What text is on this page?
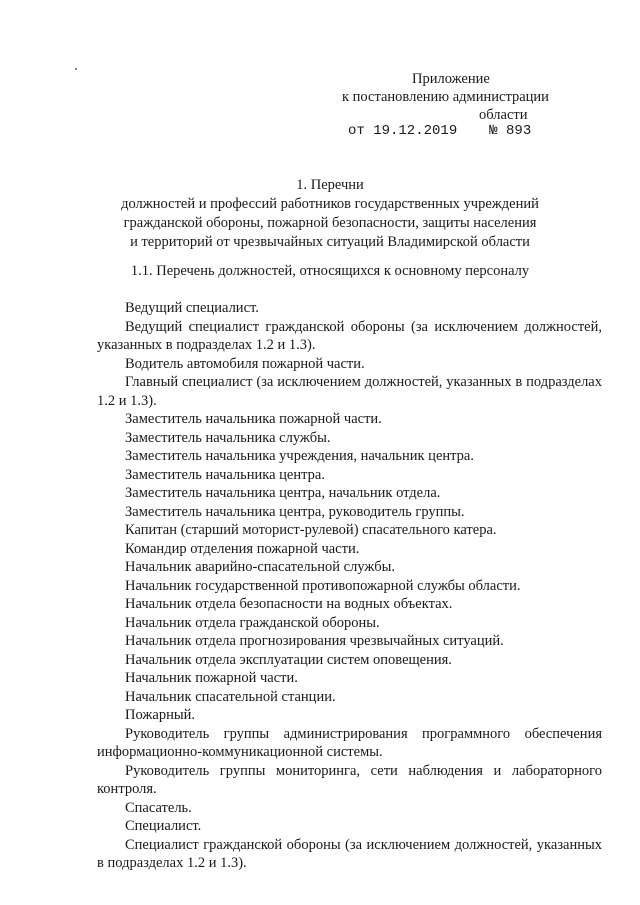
Приложение
к постановлению администрации
области
от 19.12.2019 № 893
1. Перечни
должностей и профессий работников государственных учреждений
гражданской обороны, пожарной безопасности, защиты населения
и территорий от чрезвычайных ситуаций Владимирской области
1.1. Перечень должностей, относящихся к основному персоналу

Ведущий специалист.

Ведущий специалист гражданской обороны (за исключением должностей, указанных в подразделах 1.2 и 1.3).

Водитель автомобиля пожарной части.

Главный специалист (за исключением должностей, указанных в подразделах 1.2 и 1.3).

Заместитель начальника пожарной части.

Заместитель начальника службы.

Заместитель начальника учреждения, начальник центра.

Заместитель начальника центра.

Заместитель начальника центра, начальник отдела.

Заместитель начальника центра, руководитель группы.

Капитан (старший моторист-рулевой) спасательного катера.

Командир отделения пожарной части.

Начальник аварийно-спасательной службы.

Начальник государственной противопожарной службы области.

Начальник отдела безопасности на водных объектах.

Начальник отдела гражданской обороны.

Начальник отдела прогнозирования чрезвычайных ситуаций.

Начальник отдела эксплуатации систем оповещения.

Начальник пожарной части.

Начальник спасательной станции.

Пожарный.

Руководитель группы администрирования программного обеспечения информационно-коммуникационной системы.

Руководитель группы мониторинга, сети наблюдения и лабораторного контроля.

Спасатель.

Специалист.

Специалист гражданской обороны (за исключением должностей, указанных в подразделах 1.2 и 1.3).
